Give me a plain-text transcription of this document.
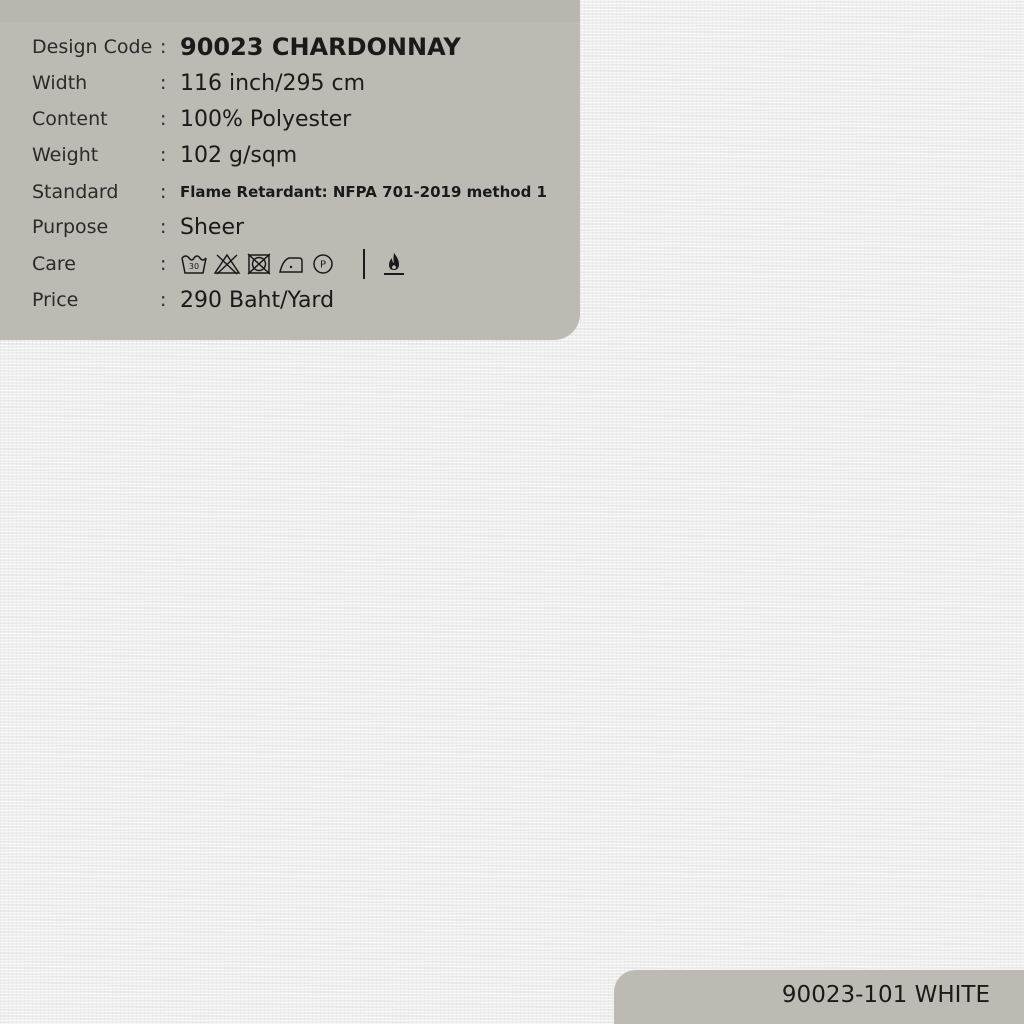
Design Code : 90023 CHARDONNAY
Width	: 116 inch/295 cm
Content	: 100% Polyester
Weight	: 102 g/sqm
Standard	: Flame Retardant: NFPA 701-2019 method 1
Purpose	: Sheer
Care	:	30	P
Price	: 290 Baht/Yard
90023-101 WHITE
